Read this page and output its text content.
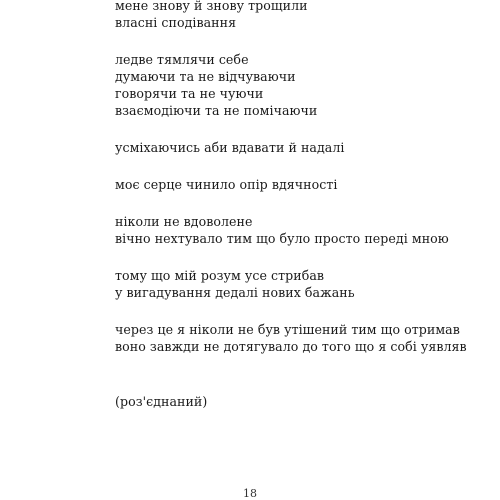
мене знову й знову трощили
власні сподівання
ледве тямлячи себе
думаючи та не відчуваючи
говорячи та не чуючи
взаємодіючи та не помічаючи
усміхаючись аби вдавати й надалі
моє серце чинило опір вдячності
ніколи не вдоволене
вічно нехтувало тим що було просто переді мною
тому що мій розум усе стрибав
у вигадування дедалі нових бажань
через це я ніколи не був утішений тим що отримав
воно завжди не дотягувало до того що я собі уявляв
(роз'єднаний)
18
